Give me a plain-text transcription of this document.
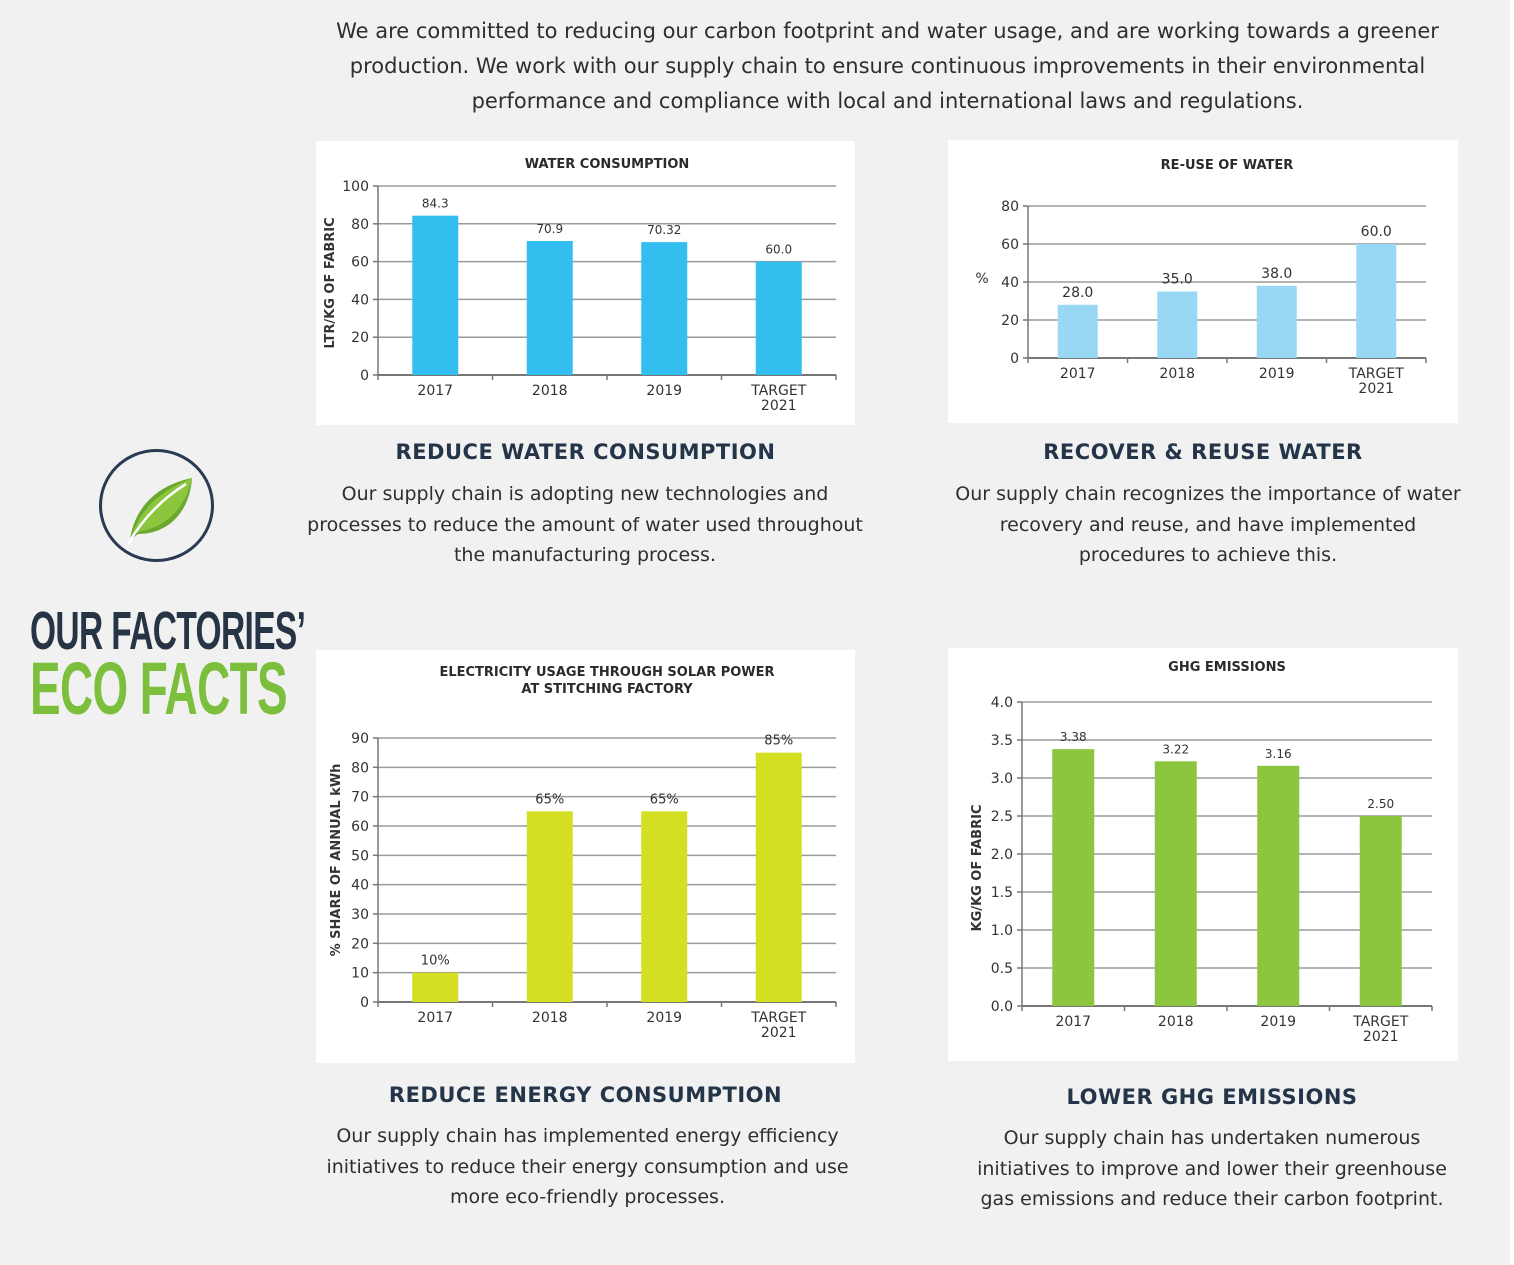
We are committed to reducing our carbon footprint and water usage, and are working towards a greener production. We work with our supply chain to ensure continuous improvements in their environmental performance and compliance with local and international laws and regulations.

OUR FACTORIES’
ECO FACTS
WATER CONSUMPTION
0
20
40
60
80
100
LTR/KG OF FABRIC
84.3
2017
70.9
2018
70.32
2019
60.0
TARGET
2021
RE-USE OF WATER
0
20
40
60
80
%
28.0
2017
35.0
2018
38.0
2019
60.0
TARGET
2021
ELECTRICITY USAGE THROUGH SOLAR POWER
AT STITCHING FACTORY
0
10
20
30
40
50
60
70
80
90
% SHARE OF ANNUAL kWh
10%
2017
65%
2018
65%
2019
85%
TARGET
2021
GHG EMISSIONS
0.0
0.5
1.0
1.5
2.0
2.5
3.0
3.5
4.0
KG/KG OF FABRIC
3.38
2017
3.22
2018
3.16
2019
2.50
TARGET
2021
REDUCE WATER CONSUMPTION
Our supply chain is adopting new technologies and processes to reduce the amount of water used throughout the manufacturing process.
RECOVER & REUSE WATER
Our supply chain recognizes the importance of water recovery and reuse, and have implemented procedures to achieve this.
REDUCE ENERGY CONSUMPTION
Our supply chain has implemented energy efficiency initiatives to reduce their energy consumption and use more eco-friendly processes.
LOWER GHG EMISSIONS
Our supply chain has undertaken numerous initiatives to improve and lower their greenhouse gas emissions and reduce their carbon footprint.
